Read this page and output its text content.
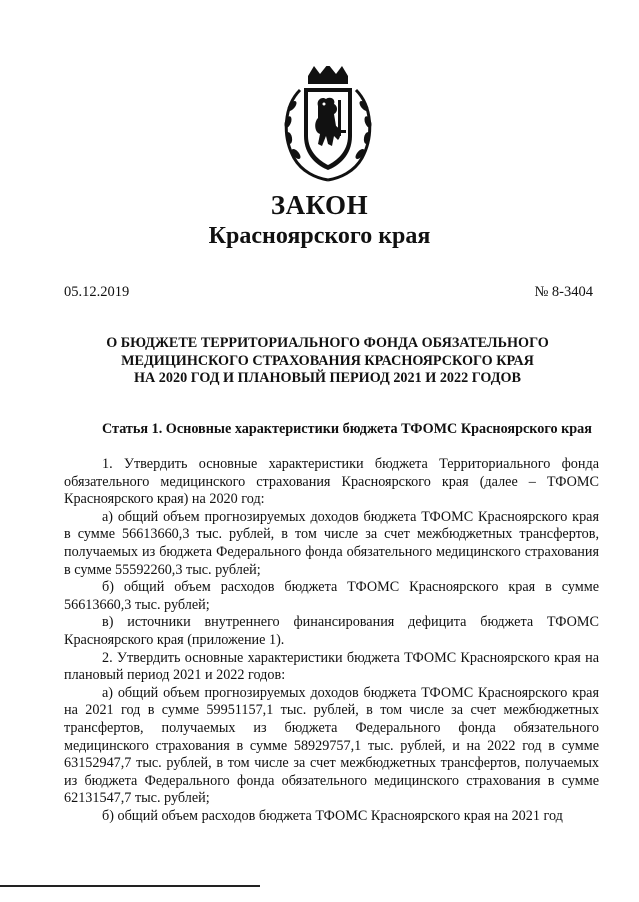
ЗАКОН
Красноярского края
05.12.2019	№ 8-3404
О БЮДЖЕТЕ ТЕРРИТОРИАЛЬНОГО ФОНДА ОБЯЗАТЕЛЬНОГО
МЕДИЦИНСКОГО СТРАХОВАНИЯ КРАСНОЯРСКОГО КРАЯ
НА 2020 ГОД И ПЛАНОВЫЙ ПЕРИОД 2021 И 2022 ГОДОВ
Статья 1. Основные характеристики бюджета ТФОМС Красноярского края

1. Утвердить основные характеристики бюджета Территориального фонда обязательного медицинского страхования Красноярского края (далее – ТФОМС Красноярского края) на 2020 год:

а) общий объем прогнозируемых доходов бюджета ТФОМС Красноярского края в сумме 56613660,3 тыс. рублей, в том числе за счет межбюджетных трансфертов, получаемых из бюджета Федерального фонда обязательного медицинского страхования в сумме 55592260,3 тыс. рублей;

б) общий объем расходов бюджета ТФОМС Красноярского края в сумме 56613660,3 тыс. рублей;

в) источники внутреннего финансирования дефицита бюджета ТФОМС Красноярского края (приложение 1).

2. Утвердить основные характеристики бюджета ТФОМС Красноярского края на плановый период 2021 и 2022 годов:

а) общий объем прогнозируемых доходов бюджета ТФОМС Красноярского края на 2021 год в сумме 59951157,1 тыс. рублей, в том числе за счет межбюджетных трансфертов, получаемых из бюджета Федерального фонда обязательного медицинского страхования в сумме 58929757,1 тыс. рублей, и на 2022 год в сумме 63152947,7 тыс. рублей, в том числе за счет межбюджетных трансфертов, получаемых из бюджета Федерального фонда обязательного медицинского страхования в сумме 62131547,7 тыс. рублей;

б) общий объем расходов бюджета ТФОМС Красноярского края на 2021 год
